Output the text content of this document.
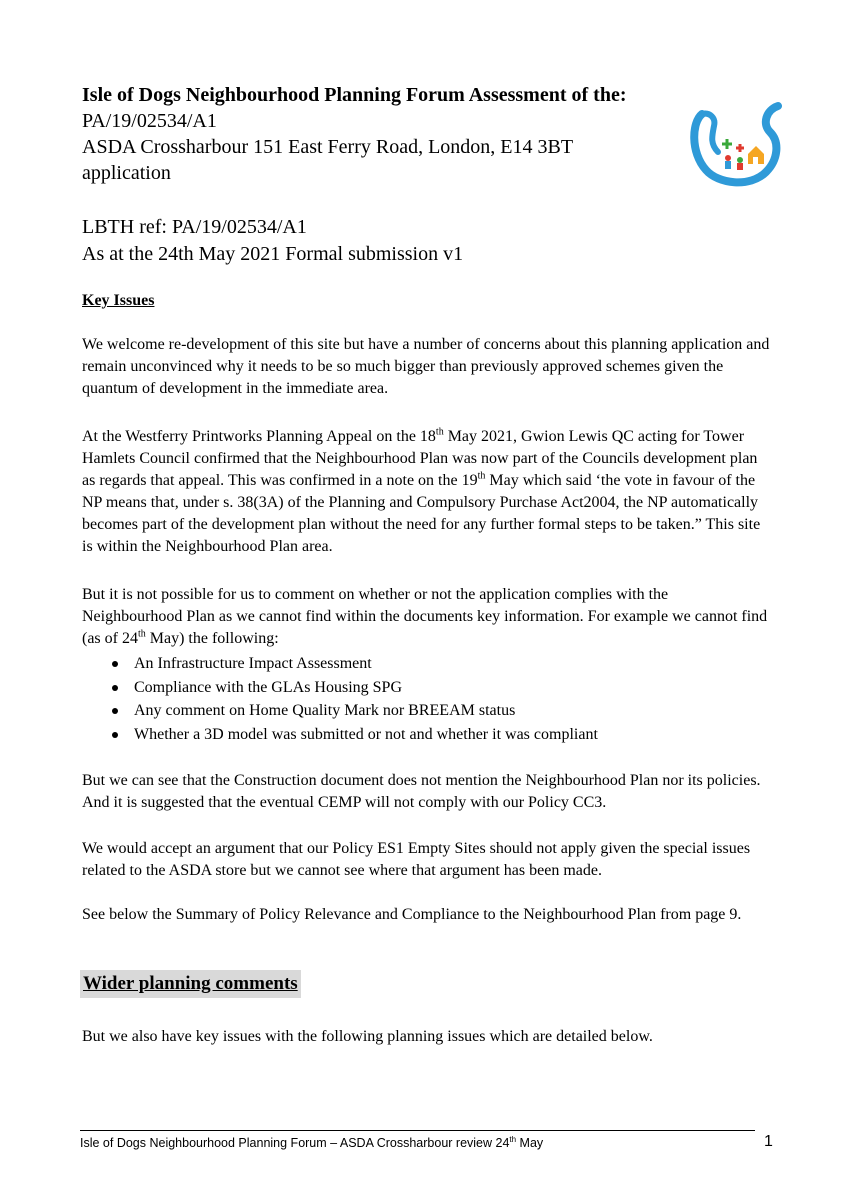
Isle of Dogs Neighbourhood Planning Forum Assessment of the:
PA/19/02534/A1
ASDA Crossharbour 151 East Ferry Road, London, E14 3BT
application
LBTH ref: PA/19/02534/A1
As at the 24th May 2021 Formal submission v1

Key Issues

We welcome re-development of this site but have a number of concerns about this planning application and remain unconvinced why it needs to be so much bigger than previously approved schemes given the quantum of development in the immediate area.

At the Westferry Printworks Planning Appeal on the 18th May 2021, Gwion Lewis QC acting for Tower Hamlets Council confirmed that the Neighbourhood Plan was now part of the Councils development plan as regards that appeal. This was confirmed in a note on the 19th May which said ‘the vote in favour of the NP means that, under s. 38(3A) of the Planning and Compulsory Purchase Act2004, the NP automatically becomes part of the development plan without the need for any further formal steps to be taken.” This site is within the Neighbourhood Plan area.

But it is not possible for us to comment on whether or not the application complies with the Neighbourhood Plan as we cannot find within the documents key information. For example we cannot find (as of 24th May) the following:

An Infrastructure Impact Assessment
Compliance with the GLAs Housing SPG
Any comment on Home Quality Mark nor BREEAM status
Whether a 3D model was submitted or not and whether it was compliant

But we can see that the Construction document does not mention the Neighbourhood Plan nor its policies. And it is suggested that the eventual CEMP will not comply with our Policy CC3.

We would accept an argument that our Policy ES1 Empty Sites should not apply given the special issues related to the ASDA store but we cannot see where that argument has been made.

See below the Summary of Policy Relevance and Compliance to the Neighbourhood Plan from page 9.

Wider planning comments

But we also have key issues with the following planning issues which are detailed below.

Isle of Dogs Neighbourhood Planning Forum – ASDA Crossharbour review 24th May	1
